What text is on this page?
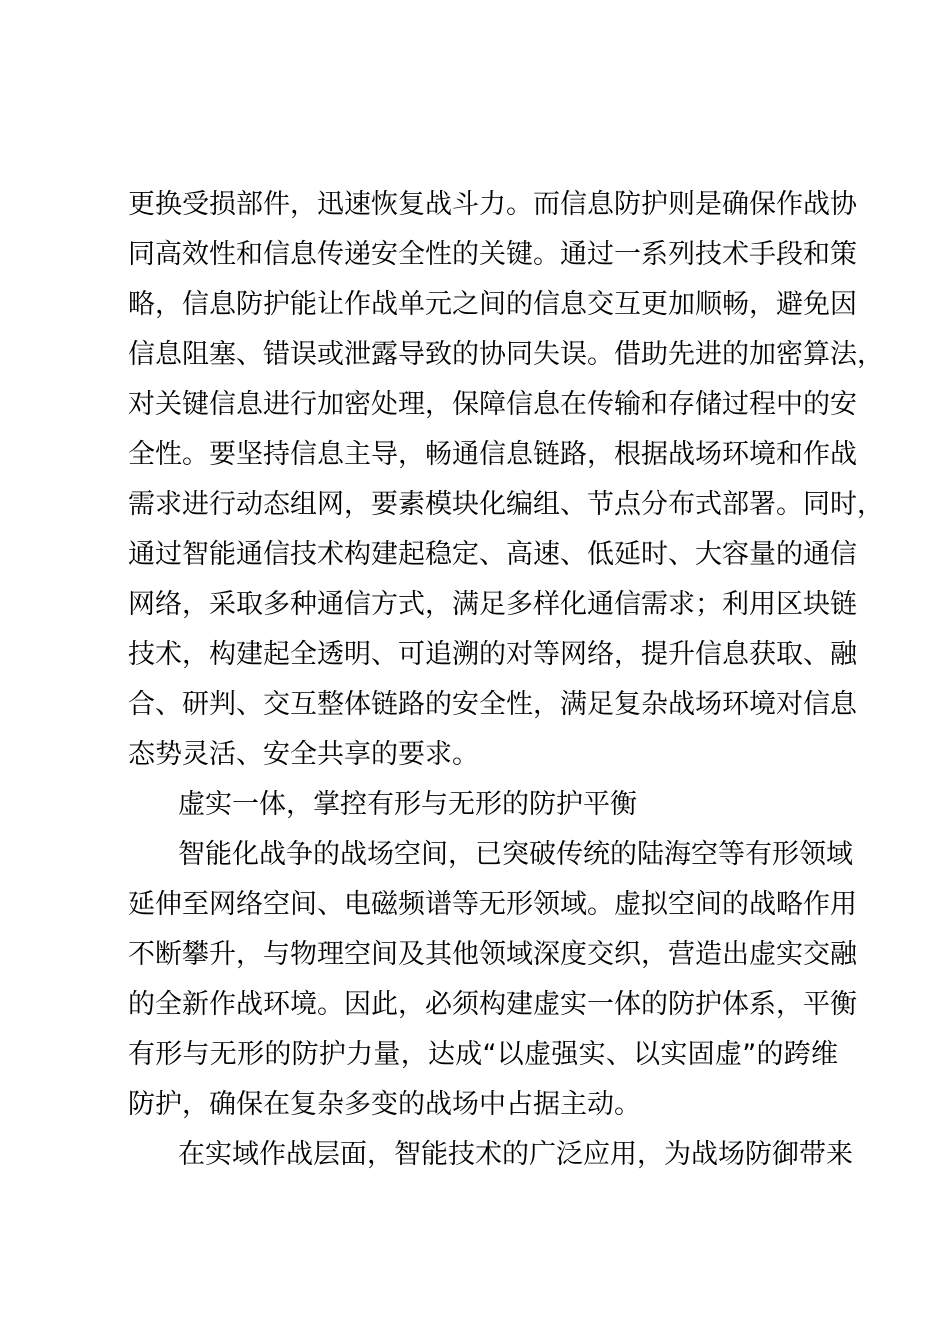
更换受损部件，迅速恢复战斗力。而信息防护则是确保作战协
同高效性和信息传递安全性的关键。通过一系列技术手段和策
略，信息防护能让作战单元之间的信息交互更加顺畅，避免因
信息阻塞、错误或泄露导致的协同失误。借助先进的加密算法，
对关键信息进行加密处理，保障信息在传输和存储过程中的安
全性。要坚持信息主导，畅通信息链路，根据战场环境和作战
需求进行动态组网，要素模块化编组、节点分布式部署。同时，
通过智能通信技术构建起稳定、高速、低延时、大容量的通信
网络，采取多种通信方式，满足多样化通信需求；利用区块链
技术，构建起全透明、可追溯的对等网络，提升信息获取、融
合、研判、交互整体链路的安全性，满足复杂战场环境对信息
态势灵活、安全共享的要求。
虚实一体，掌控有形与无形的防护平衡
智能化战争的战场空间，已突破传统的陆海空等有形领域
延伸至网络空间、电磁频谱等无形领域。虚拟空间的战略作用
不断攀升，与物理空间及其他领域深度交织，营造出虚实交融
的全新作战环境。因此，必须构建虚实一体的防护体系，平衡
有形与无形的防护力量，达成“以虚强实、以实固虚”的跨维
防护，确保在复杂多变的战场中占据主动。
在实域作战层面，智能技术的广泛应用，为战场防御带来
